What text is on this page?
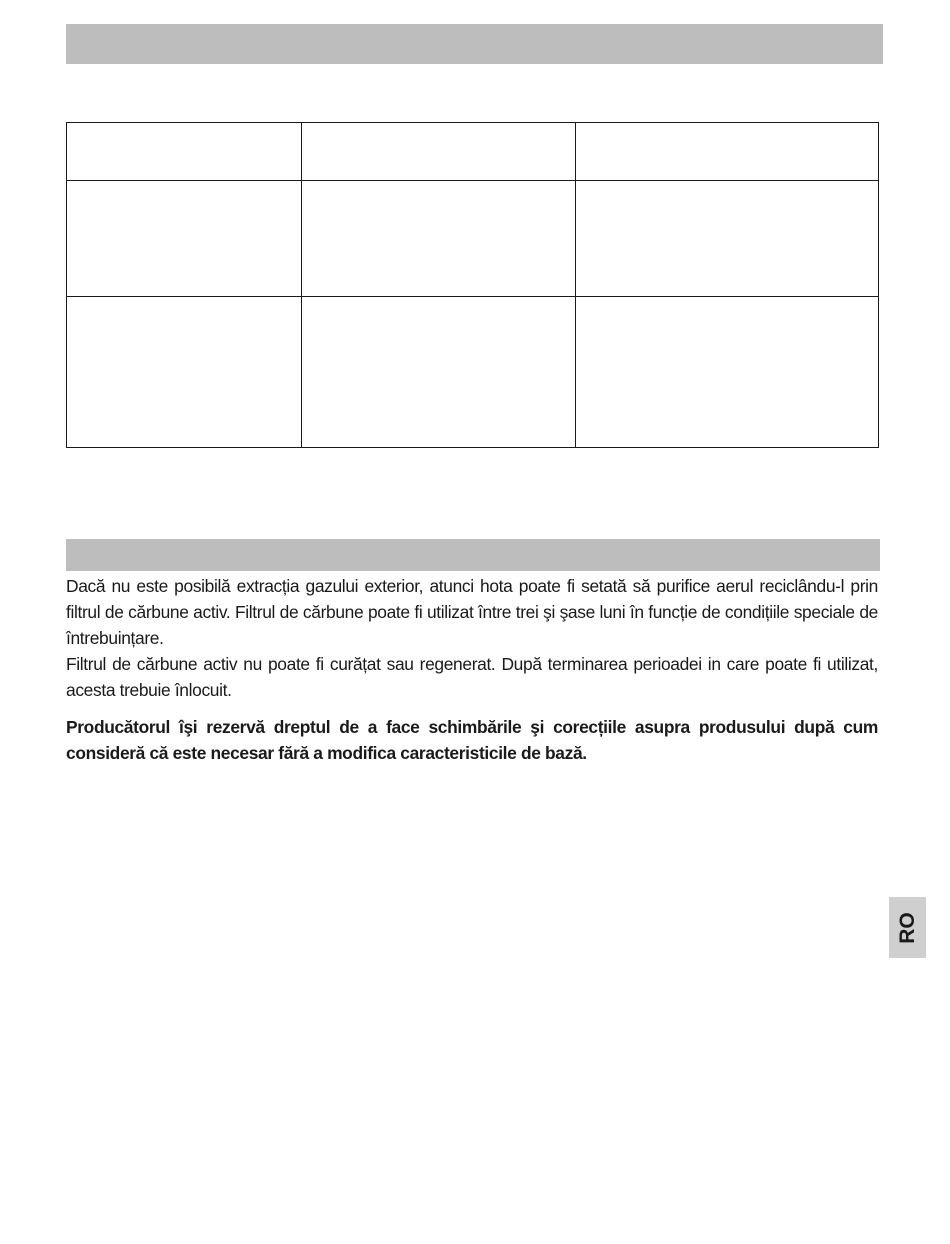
Dacă nu este posibilă extracția gazului exterior, atunci hota poate fi setată să purifice aerul reciclându-l prin filtrul de cărbune activ. Filtrul de cărbune poate fi utilizat între trei şi şase luni în funcție de condițiile speciale de întrebuințare.

Filtrul de cărbune activ nu poate fi curățat sau regenerat. După terminarea perioadei in care poate fi utilizat, acesta trebuie înlocuit.

Producătorul îşi rezervă dreptul de a face schimbările şi corecțiile asupra produsului după cum consideră că este necesar fără a modifica caracteristicile de bază.

RO
